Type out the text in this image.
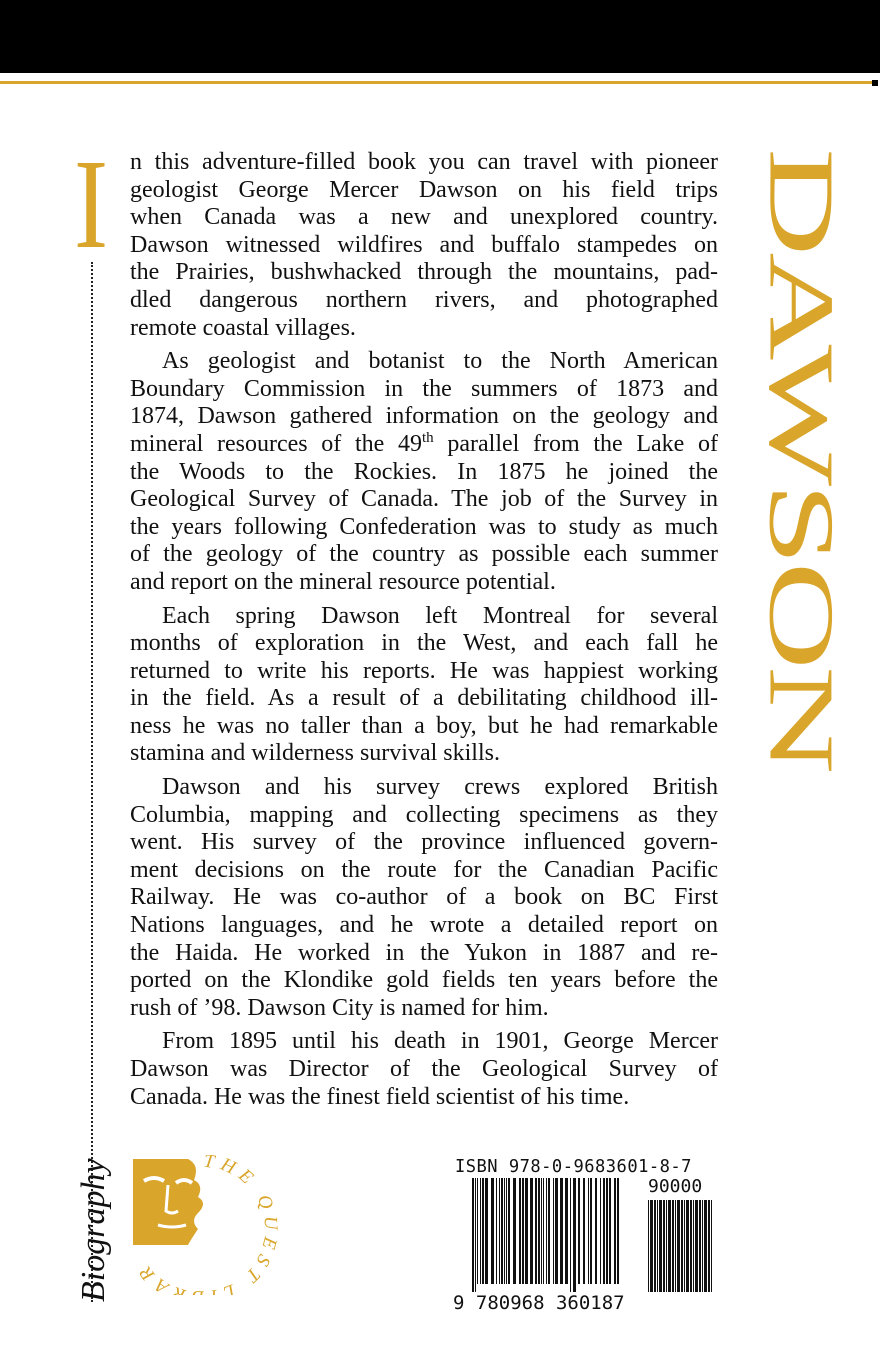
I n this adventure-filled book you can travel with pioneer
geologist George Mercer Dawson on his field trips
when Canada was a new and unexplored country.
Dawson witnessed wildfires and buffalo stampedes on
the Prairies, bushwhacked through the mountains, pad-
dled dangerous northern rivers, and photographed
remote coastal villages.
As geologist and botanist to the North American
Boundary Commission in the summers of 1873 and
1874, Dawson gathered information on the geology and
mineral resources of the 49th parallel from the Lake of
the Woods to the Rockies. In 1875 he joined the
Geological Survey of Canada. The job of the Survey in
the years following Confederation was to study as much
of the geology of the country as possible each summer
and report on the mineral resource potential.
Each spring Dawson left Montreal for several
months of exploration in the West, and each fall he
returned to write his reports. He was happiest working
in the field. As a result of a debilitating childhood ill-
ness he was no taller than a boy, but he had remarkable
stamina and wilderness survival skills.
Dawson and his survey crews explored British
Columbia, mapping and collecting specimens as they
went. His survey of the province influenced govern-
ment decisions on the route for the Canadian Pacific
Railway. He was co-author of a book on BC First
Nations languages, and he wrote a detailed report on
the Haida. He worked in the Yukon in 1887 and re-
ported on the Klondike gold fields ten years before the
rush of ’98. Dawson City is named for him.
From 1895 until his death in 1901, George Mercer
Dawson was Director of the Geological Survey of
Canada. He was the finest field scientist of his time.
DAWSON
Biography	THE Q ST L RAR
ISBN 978-0-9683601-8-7
90000
9 780968 360187
